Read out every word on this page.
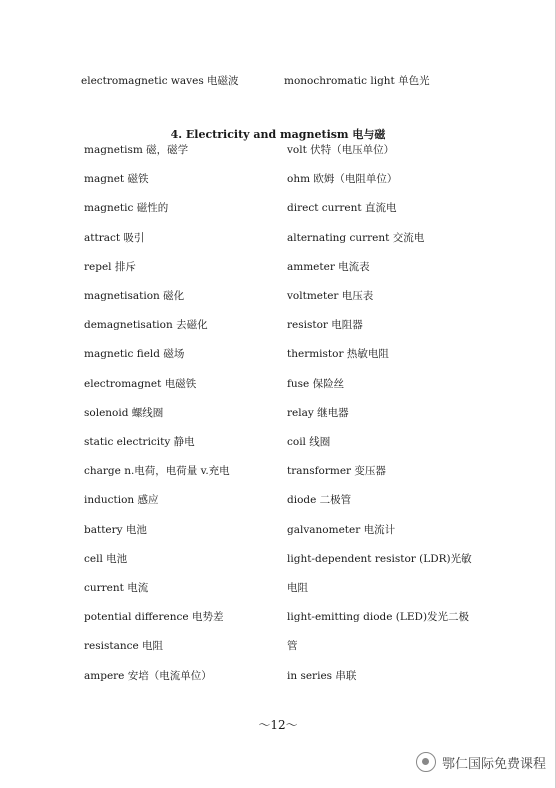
electromagnetic waves 电磁波	monochromatic light 单色光
4. Electricity and magnetism 电与磁
magnetism 磁，磁学
magnet 磁铁
magnetic 磁性的
attract 吸引
repel 排斥
magnetisation 磁化
demagnetisation 去磁化
magnetic field 磁场
electromagnet 电磁铁
solenoid 螺线圈
static electricity 静电
charge n.电荷，电荷量 v.充电
induction 感应
battery 电池
cell 电池
current 电流
potential difference 电势差
resistance 电阻
ampere 安培（电流单位）
volt 伏特（电压单位）
ohm 欧姆（电阻单位）
direct current 直流电
alternating current 交流电
ammeter 电流表
voltmeter 电压表
resistor 电阻器
thermistor 热敏电阻
fuse 保险丝
relay 继电器
coil 线圈
transformer 变压器
diode 二极管
galvanometer 电流计
light-dependent resistor (LDR)光敏
电阻
light-emitting diode (LED)发光二极
管
in series 串联
～12～
鄂仁国际免费课程
